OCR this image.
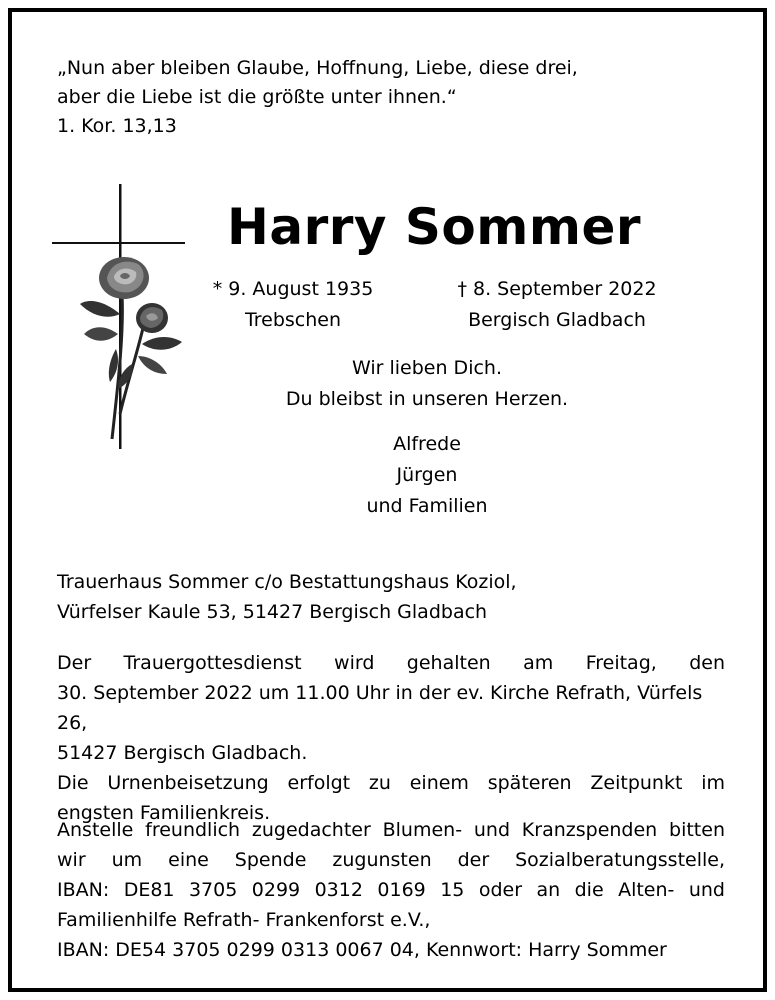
„Nun aber bleiben Glaube, Hoffnung, Liebe, diese drei,
aber die Liebe ist die größte unter ihnen.“
1. Kor. 13,13
Harry Sommer
* 9. August 1935
Trebschen
† 8. September 2022
Bergisch Gladbach
Wir lieben Dich.
Du bleibst in unseren Herzen.
Alfrede
Jürgen
und Familien
Trauerhaus Sommer c/o Bestattungshaus Koziol,
Vürfelser Kaule 53, 51427 Bergisch Gladbach
Der Trauergottesdienst wird gehalten am Freitag, den
30. September 2022 um 11.00 Uhr in der ev. Kirche Refrath, Vürfels 26,
51427 Bergisch Gladbach.
Die Urnenbeisetzung erfolgt zu einem späteren Zeitpunkt im
engsten Familienkreis.
Anstelle freundlich zugedachter Blumen- und Kranzspenden bitten
wir um eine Spende zugunsten der Sozialberatungsstelle,
IBAN: DE81 3705 0299 0312 0169 15 oder an die Alten- und
Familienhilfe Refrath- Frankenforst e.V.,
IBAN: DE54 3705 0299 0313 0067 04, Kennwort: Harry Sommer
